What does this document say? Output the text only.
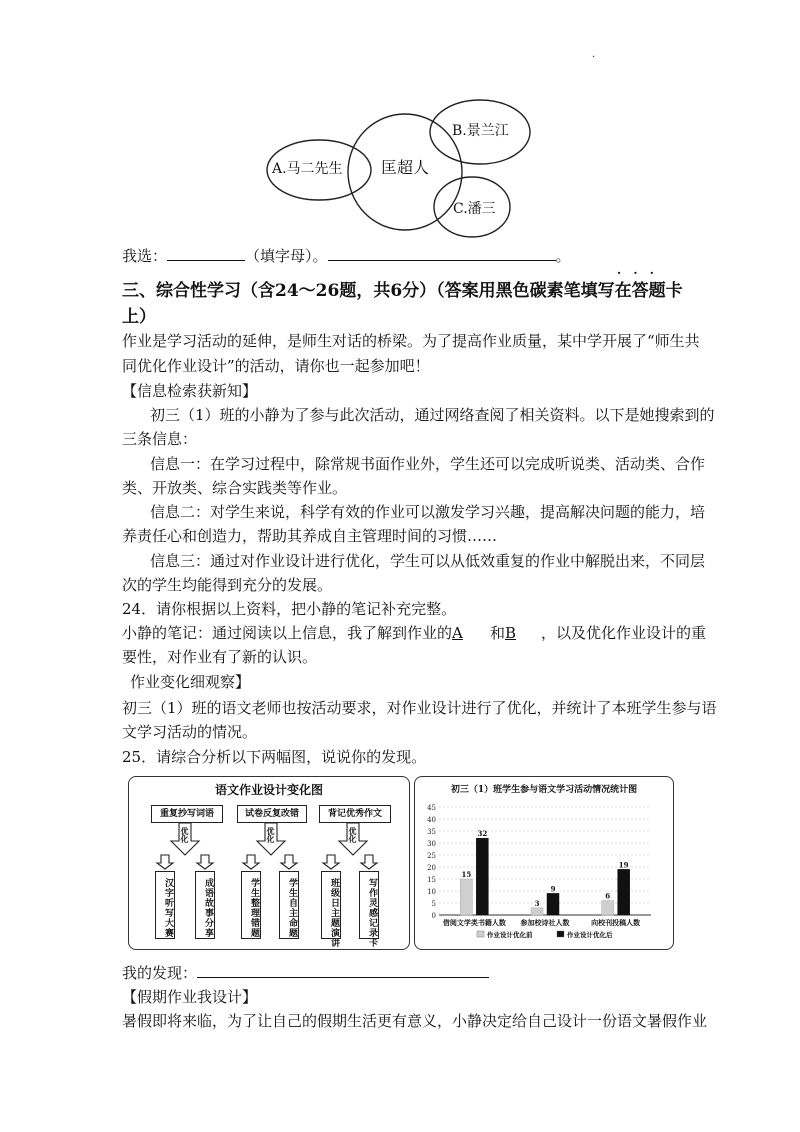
·
A.马二先生 匡超人
B.景兰江
C.潘三
我选：	（填字母）。	。
· · ·
三、综合性学习（含24～26题，共6分）（答案用黑色碳素笔填写在答题卡
上）
作业是学习活动的延伸，是师生对话的桥梁。为了提高作业质量，某中学开展了“师生共
同优化作业设计”的活动，请你也一起参加吧！
【信息检索获新知】
初三（1）班的小静为了参与此次活动，通过网络查阅了相关资料。以下是她搜索到的
三条信息：
信息一：在学习过程中，除常规书面作业外，学生还可以完成听说类、活动类、合作
类、开放类、综合实践类等作业。
信息二：对学生来说，科学有效的作业可以激发学习兴趣，提高解决问题的能力，培
养责任心和创造力，帮助其养成自主管理时间的习惯……
信息三：通过对作业设计进行优化，学生可以从低效重复的作业中解脱出来，不同层
次的学生均能得到充分的发展。
24．请你根据以上资料，把小静的笔记补充完整。
小静的笔记：通过阅读以上信息，我了解到作业的A 和B ，以及优化作业设计的重
要性，对作业有了新的认识。
作业变化细观察】
初三（1）班的语文老师也按活动要求，对作业设计进行了优化，并统计了本班学生参与语
文学习活动的情况。
25．请综合分析以下两幅图，说说你的发现。
语文作业设计变化图
重复抄写词语	试卷反复改错	背记优秀作文
优化	优化	优化
汉字听写大赛	成语故事分享	学生整理错题	学生自主命题	班级日主题演讲	写作灵感记录卡
初三（1）班学生参与语文学习活动情况统计图
0
5
10
15
20
25
30
35
40
45
15
32
借阅文学类书籍人数
3
9
参加校诗社人数
6
19
向校刊投稿人数
作业设计优化前	作业设计优化后
我的发现：
【假期作业我设计】
暑假即将来临，为了让自己的假期生活更有意义，小静决定给自己设计一份语文暑假作业
